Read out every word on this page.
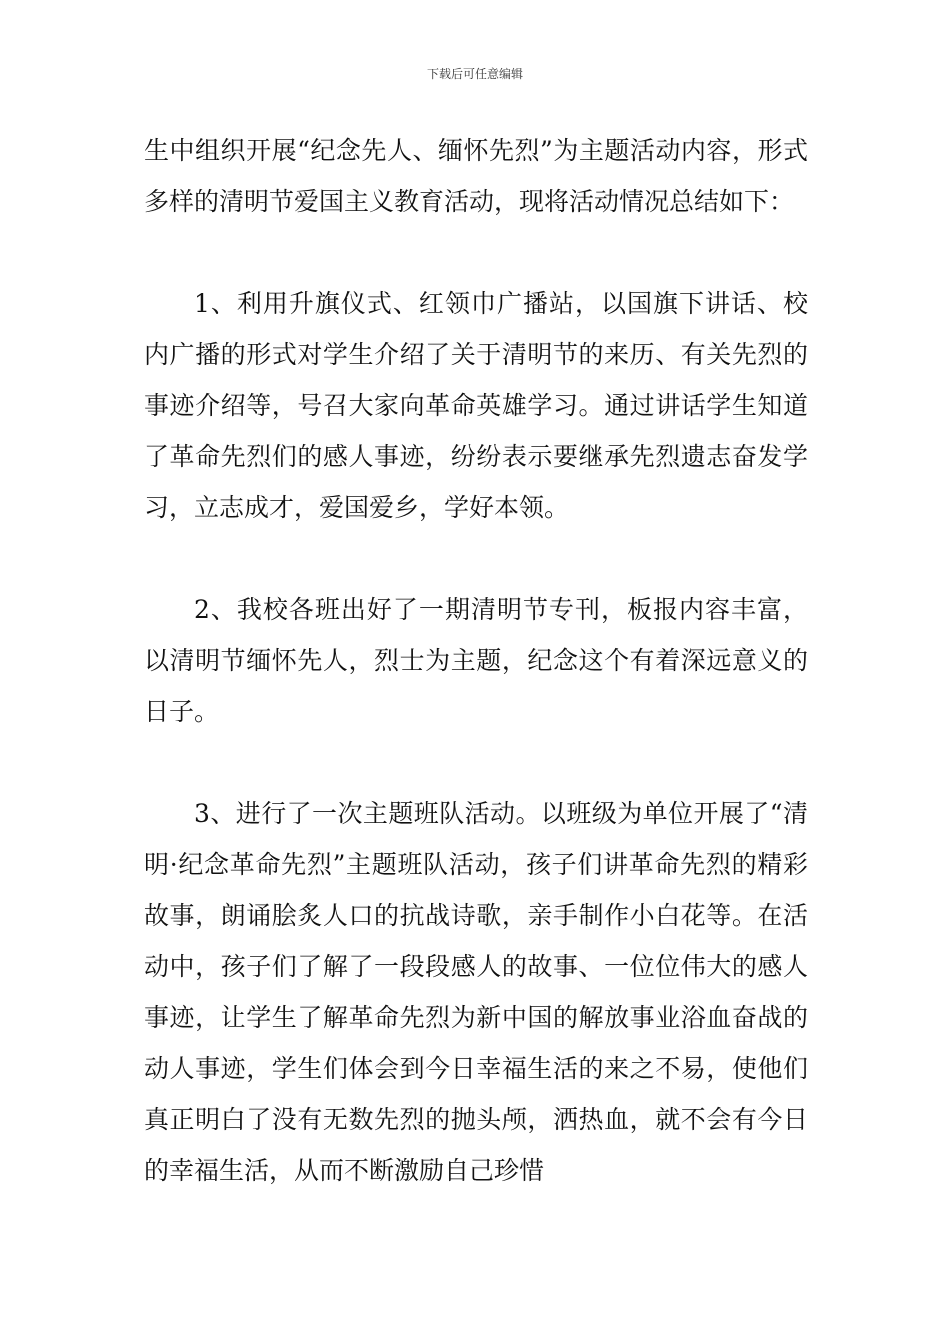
下载后可任意编辑

生中组织开展“纪念先人、缅怀先烈”为主题活动内容，形式多样的清明节爱国主义教育活动，现将活动情况总结如下：

1、利用升旗仪式、红领巾广播站，以国旗下讲话、校内广播的形式对学生介绍了关于清明节的来历、有关先烈的事迹介绍等，号召大家向革命英雄学习。通过讲话学生知道了革命先烈们的感人事迹，纷纷表示要继承先烈遗志奋发学习，立志成才，爱国爱乡，学好本领。

2、我校各班出好了一期清明节专刊，板报内容丰富，以清明节缅怀先人，烈士为主题，纪念这个有着深远意义的日子。

3、进行了一次主题班队活动。以班级为单位开展了“清明·纪念革命先烈”主题班队活动，孩子们讲革命先烈的精彩故事，朗诵脍炙人口的抗战诗歌，亲手制作小白花等。在活动中，孩子们了解了一段段感人的故事、一位位伟大的感人事迹，让学生了解革命先烈为新中国的解放事业浴血奋战的动人事迹，学生们体会到今日幸福生活的来之不易，使他们真正明白了没有无数先烈的抛头颅，洒热血，就不会有今日的幸福生活，从而不断激励自己珍惜
